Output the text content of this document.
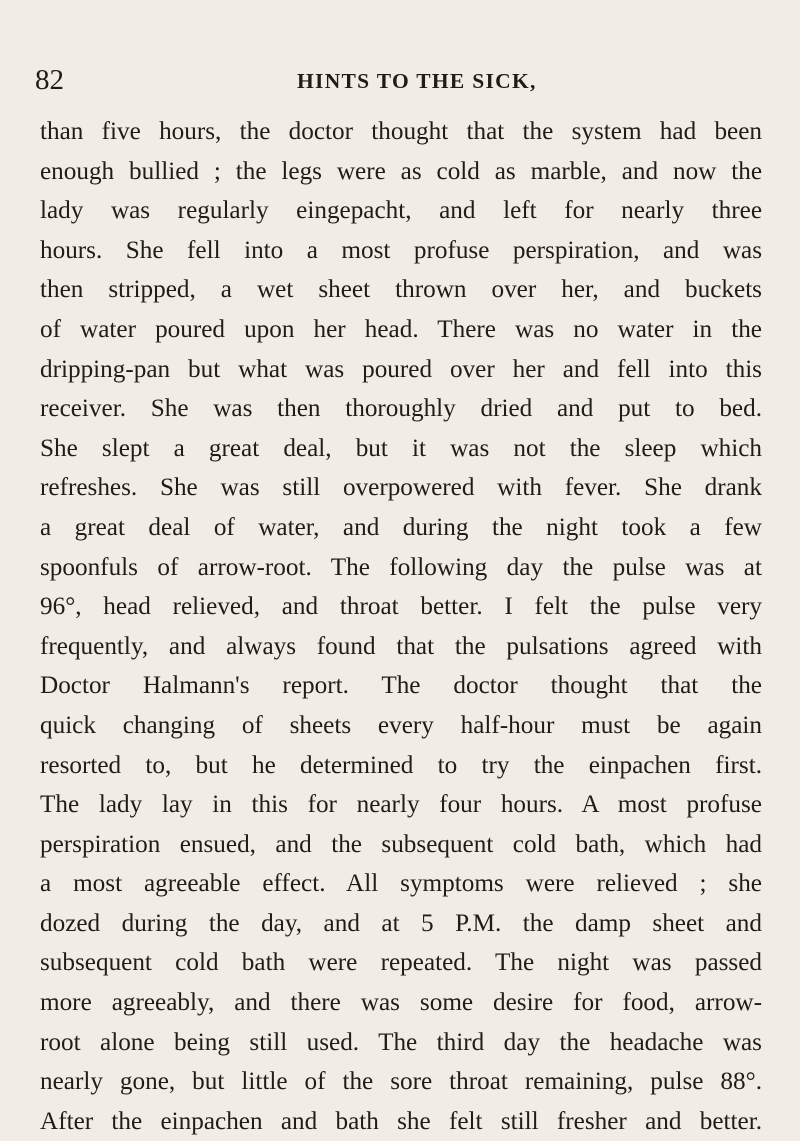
82	HINTS TO THE SICK,
than five hours, the doctor thought that the system had been
enough bullied ; the legs were as cold as marble, and now the
lady was regularly eingepacht, and left for nearly three
hours. She fell into a most profuse perspiration, and was
then stripped, a wet sheet thrown over her, and buckets
of water poured upon her head. There was no water in the
dripping-pan but what was poured over her and fell into this
receiver. She was then thoroughly dried and put to bed.
She slept a great deal, but it was not the sleep which
refreshes. She was still overpowered with fever. She drank
a great deal of water, and during the night took a few
spoonfuls of arrow-root. The following day the pulse was at
96°, head relieved, and throat better. I felt the pulse very
frequently, and always found that the pulsations agreed with
Doctor Halmann's report. The doctor thought that the
quick changing of sheets every half-hour must be again
resorted to, but he determined to try the einpachen first.
The lady lay in this for nearly four hours. A most profuse
perspiration ensued, and the subsequent cold bath, which had
a most agreeable effect. All symptoms were relieved ; she
dozed during the day, and at 5 P.M. the damp sheet and
subsequent cold bath were repeated. The night was passed
more agreeably, and there was some desire for food, arrow-
root alone being still used. The third day the headache was
nearly gone, but little of the sore throat remaining, pulse 88°.
After the einpachen and bath she felt still fresher and better.
